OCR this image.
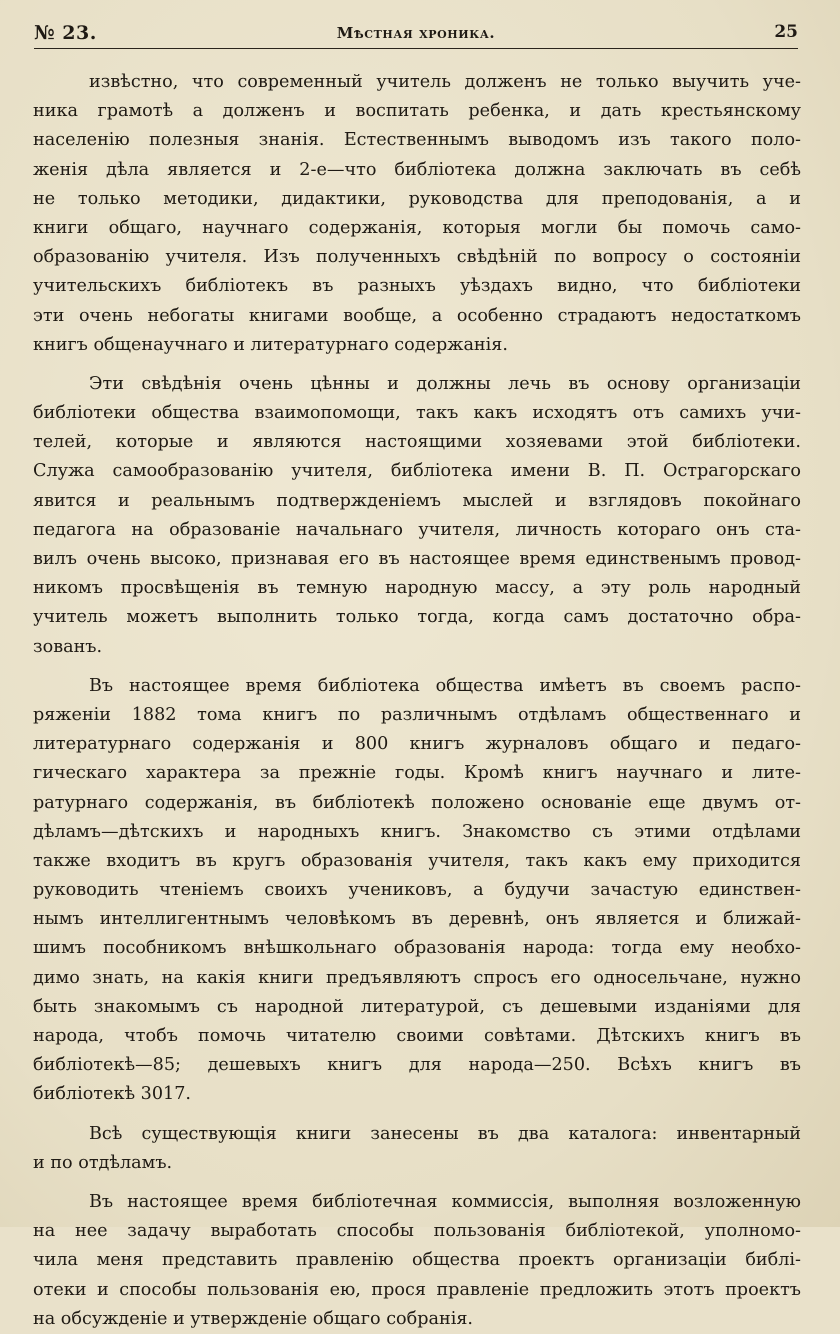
№ 23.	Мѣстная хроника.	25
извѣстно, что современный учитель долженъ не только выучить уче-
ника грамотѣ а долженъ и воспитать ребенка, и дать крестьянскому
населенію полезныя знанія. Естественнымъ выводомъ изъ такого поло-
женія дѣла является и 2-е—что библіотека должна заключать въ себѣ
не только методики, дидактики, руководства для преподованія, а и
книги общаго, научнаго содержанія, которыя могли бы помочь само-
образованію учителя. Изъ полученныхъ свѣдѣній по вопросу о состояніи
учительскихъ библіотекъ въ разныхъ уѣздахъ видно, что библіотеки
эти очень небогаты книгами вообще, а особенно страдаютъ недостаткомъ
книгъ общенаучнаго и литературнаго содержанія.
Эти свѣдѣнія очень цѣнны и должны лечь въ основу организаціи
библіотеки общества взаимопомощи, такъ какъ исходятъ отъ самихъ учи-
телей, которые и являются настоящими хозяевами этой библіотеки.
Служа самообразованію учителя, библіотека имени В. П. Острагорскаго
явится и реальнымъ подтвержденіемъ мыслей и взглядовъ покойнаго
педагога на образованіе начальнаго учителя, личность котораго онъ ста-
вилъ очень высоко, признавая его въ настоящее время единственымъ провод-
никомъ просвѣщенія въ темную народную массу, а эту роль народный
учитель можетъ выполнить только тогда, когда самъ достаточно обра-
зованъ.
Въ настоящее время библіотека общества имѣетъ въ своемъ распо-
ряженіи 1882 тома книгъ по различнымъ отдѣламъ общественнаго и
литературнаго содержанія и 800 книгъ журналовъ общаго и педаго-
гическаго характера за прежніе годы. Кромѣ книгъ научнаго и лите-
ратурнаго содержанія, въ библіотекѣ положено основаніе еще двумъ от-
дѣламъ—дѣтскихъ и народныхъ книгъ. Знакомство съ этими отдѣлами
также входитъ въ кругъ образованія учителя, такъ какъ ему приходится
руководить чтеніемъ своихъ учениковъ, а будучи зачастую единствен-
нымъ интеллигентнымъ человѣкомъ въ деревнѣ, онъ является и ближай-
шимъ пособникомъ внѣшкольнаго образованія народа: тогда ему необхо-
димо знать, на какія книги предъявляютъ спросъ его односельчане, нужно
быть знакомымъ съ народной литературой, съ дешевыми изданіями для
народа, чтобъ помочь читателю своими совѣтами. Дѣтскихъ книгъ въ
библіотекѣ—85; дешевыхъ книгъ для народа—250. Всѣхъ книгъ въ
библіотекѣ 3017.
Всѣ существующія книги занесены въ два каталога: инвентарный
и по отдѣламъ.
Въ настоящее время библіотечная коммиссія, выполняя возложенную
на нее задачу выработать способы пользованія библіотекой, уполномо-
чила меня представить правленію общества проектъ организаціи библі-
отеки и способы пользованія ею, прося правленіе предложить этотъ проектъ
на обсужденіе и утвержденіе общаго собранія.
